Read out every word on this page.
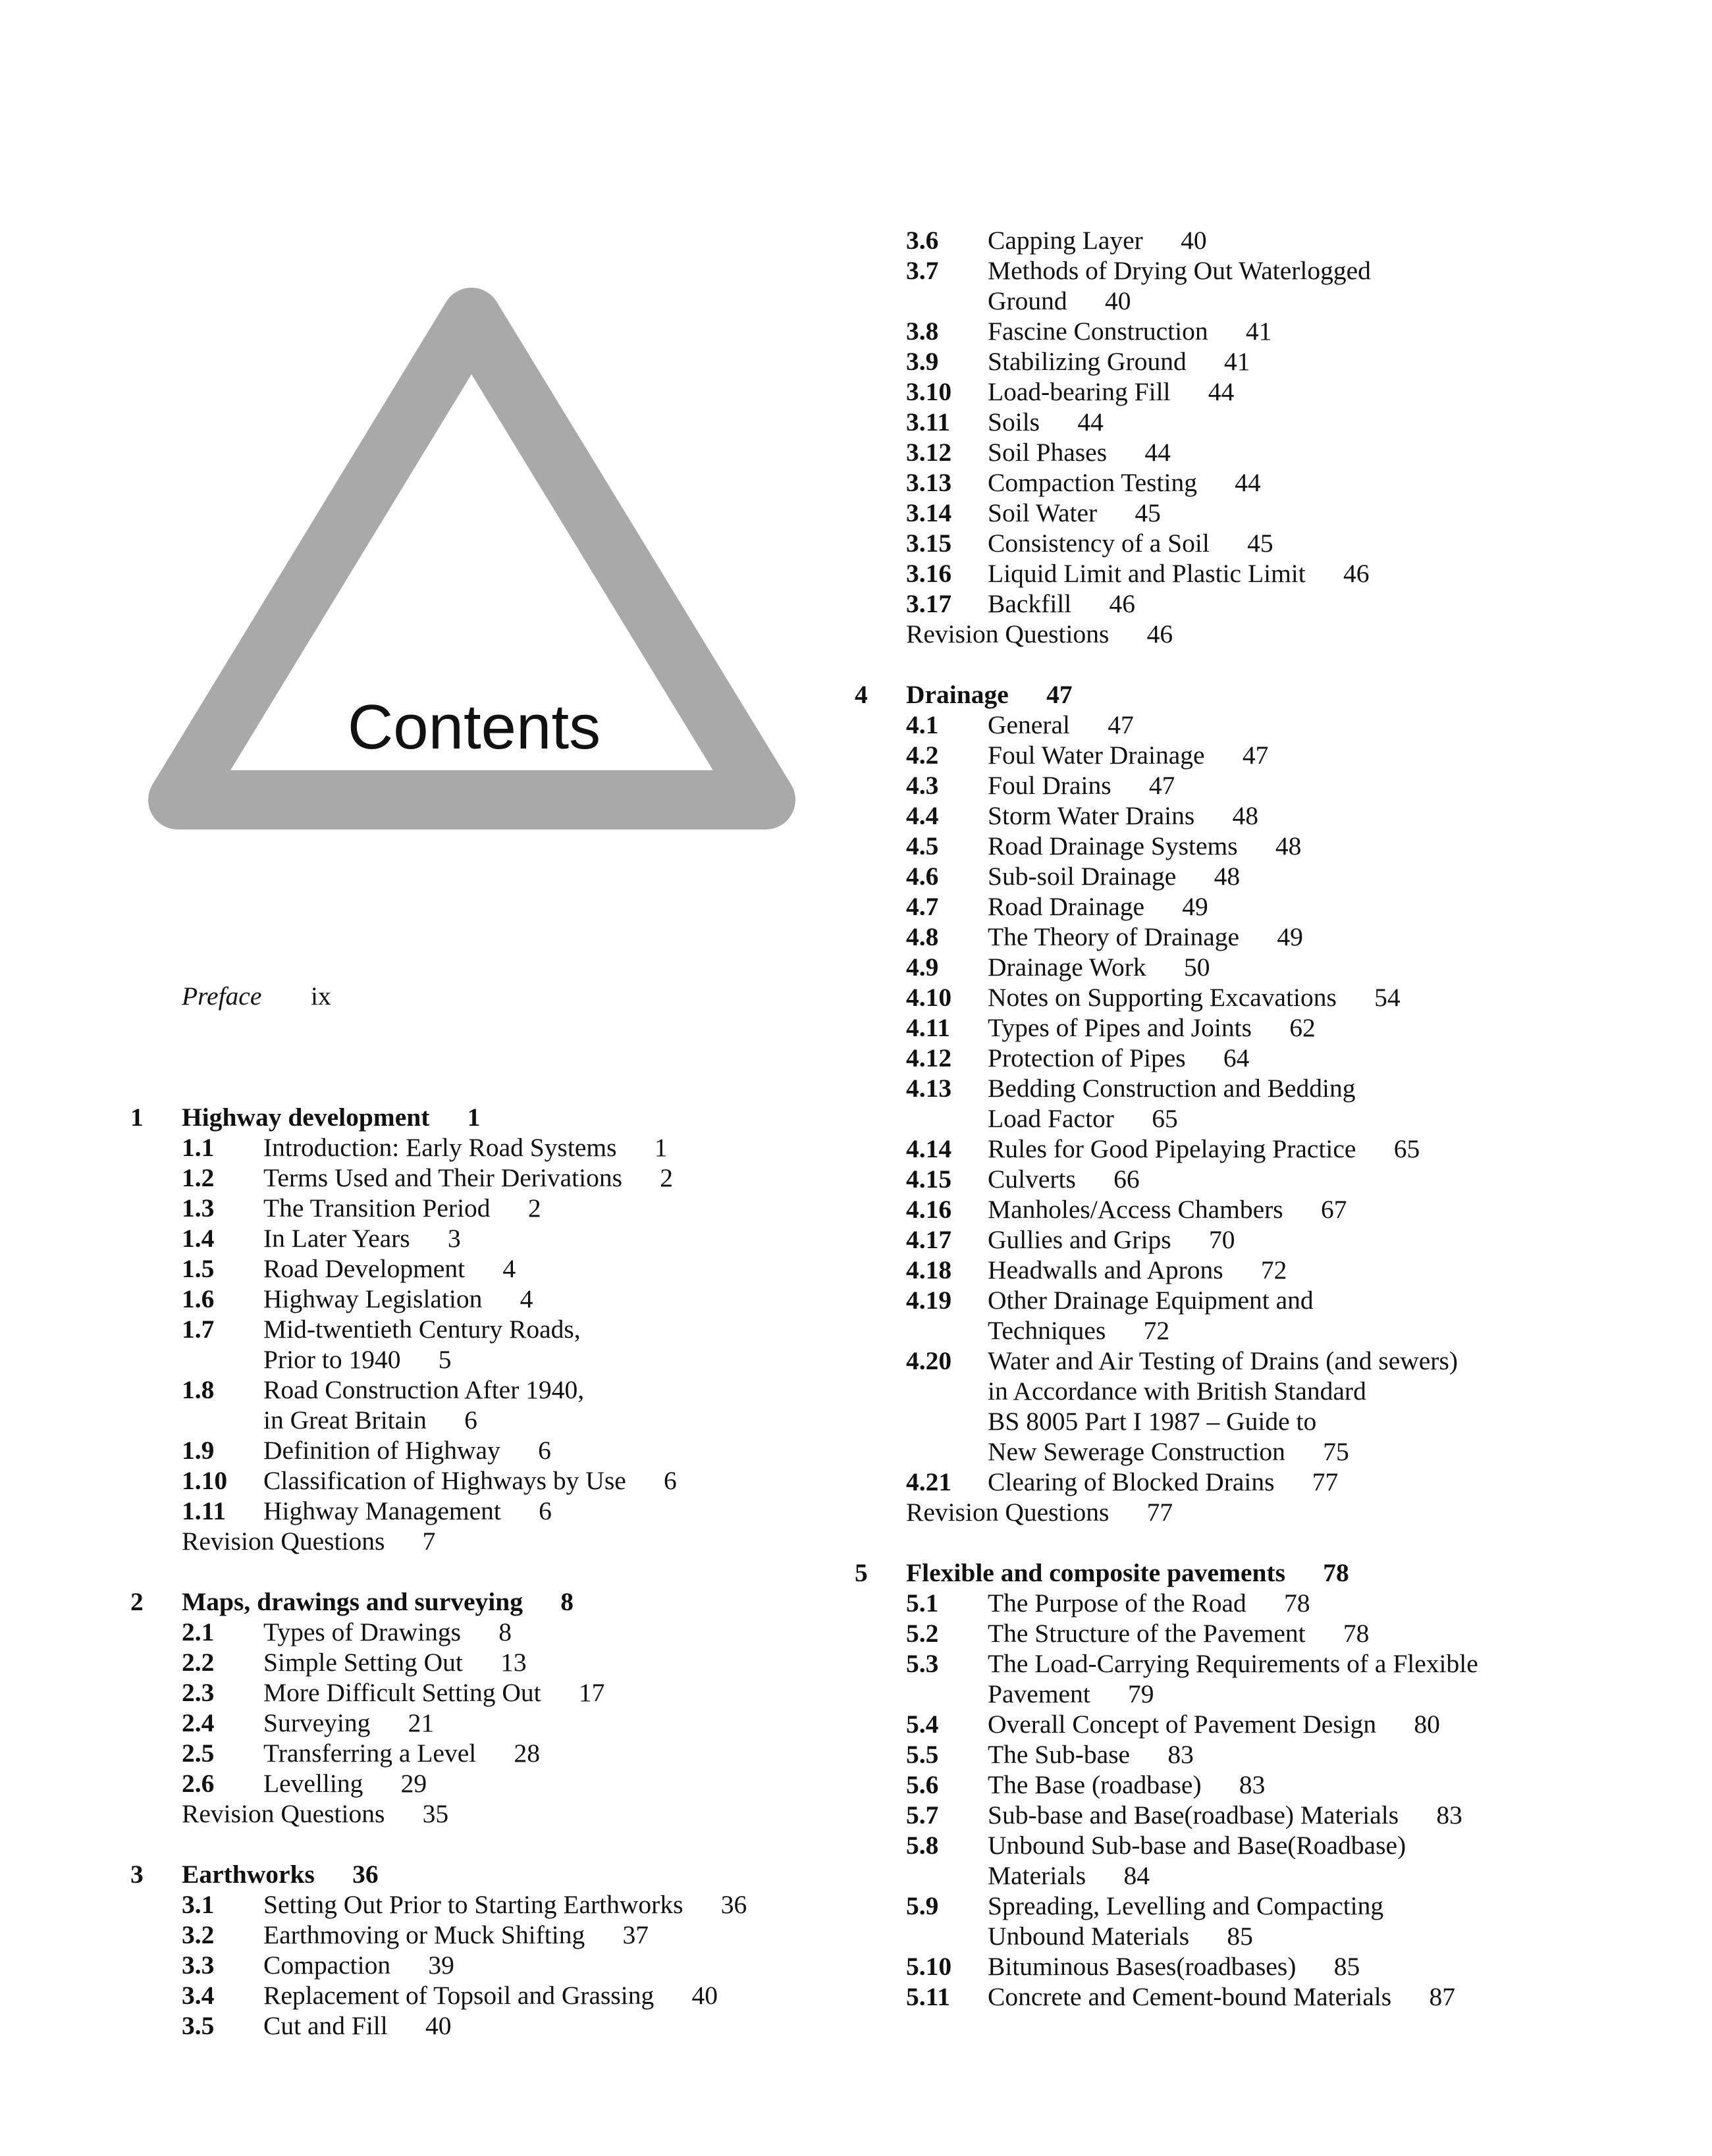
Contents
Preface ix
1 Highway development 1
1.1 Introduction: Early Road Systems 1
1.2 Terms Used and Their Derivations 2
1.3 The Transition Period 2
1.4 In Later Years 3
1.5 Road Development 4
1.6 Highway Legislation 4
1.7 Mid-twentieth Century Roads,
Prior to 1940 5
1.8 Road Construction After 1940,
in Great Britain 6
1.9 Definition of Highway 6
1.10 Classification of Highways by Use 6
1.11 Highway Management 6
Revision Questions 7
2 Maps, drawings and surveying 8
2.1 Types of Drawings 8
2.2 Simple Setting Out 13
2.3 More Difficult Setting Out 17
2.4 Surveying 21
2.5 Transferring a Level 28
2.6 Levelling 29
Revision Questions 35
3 Earthworks 36
3.1 Setting Out Prior to Starting Earthworks 36
3.2 Earthmoving or Muck Shifting 37
3.3 Compaction 39
3.4 Replacement of Topsoil and Grassing 40
3.5 Cut and Fill 40
3.6 Capping Layer 40
3.7 Methods of Drying Out Waterlogged
Ground 40
3.8 Fascine Construction 41
3.9 Stabilizing Ground 41
3.10 Load-bearing Fill 44
3.11 Soils 44
3.12 Soil Phases 44
3.13 Compaction Testing 44
3.14 Soil Water 45
3.15 Consistency of a Soil 45
3.16 Liquid Limit and Plastic Limit 46
3.17 Backfill 46
Revision Questions 46
4 Drainage 47
4.1 General 47
4.2 Foul Water Drainage 47
4.3 Foul Drains 47
4.4 Storm Water Drains 48
4.5 Road Drainage Systems 48
4.6 Sub-soil Drainage 48
4.7 Road Drainage 49
4.8 The Theory of Drainage 49
4.9 Drainage Work 50
4.10 Notes on Supporting Excavations 54
4.11 Types of Pipes and Joints 62
4.12 Protection of Pipes 64
4.13 Bedding Construction and Bedding
Load Factor 65
4.14 Rules for Good Pipelaying Practice 65
4.15 Culverts 66
4.16 Manholes/Access Chambers 67
4.17 Gullies and Grips 70
4.18 Headwalls and Aprons 72
4.19 Other Drainage Equipment and
Techniques 72
4.20 Water and Air Testing of Drains (and sewers)
in Accordance with British Standard
BS 8005 Part I 1987 – Guide to
New Sewerage Construction 75
4.21 Clearing of Blocked Drains 77
Revision Questions 77
5 Flexible and composite pavements 78
5.1 The Purpose of the Road 78
5.2 The Structure of the Pavement 78
5.3 The Load-Carrying Requirements of a Flexible
Pavement 79
5.4 Overall Concept of Pavement Design 80
5.5 The Sub-base 83
5.6 The Base (roadbase) 83
5.7 Sub-base and Base(roadbase) Materials 83
5.8 Unbound Sub-base and Base(Roadbase)
Materials 84
5.9 Spreading, Levelling and Compacting
Unbound Materials 85
5.10 Bituminous Bases(roadbases) 85
5.11 Concrete and Cement-bound Materials 87
